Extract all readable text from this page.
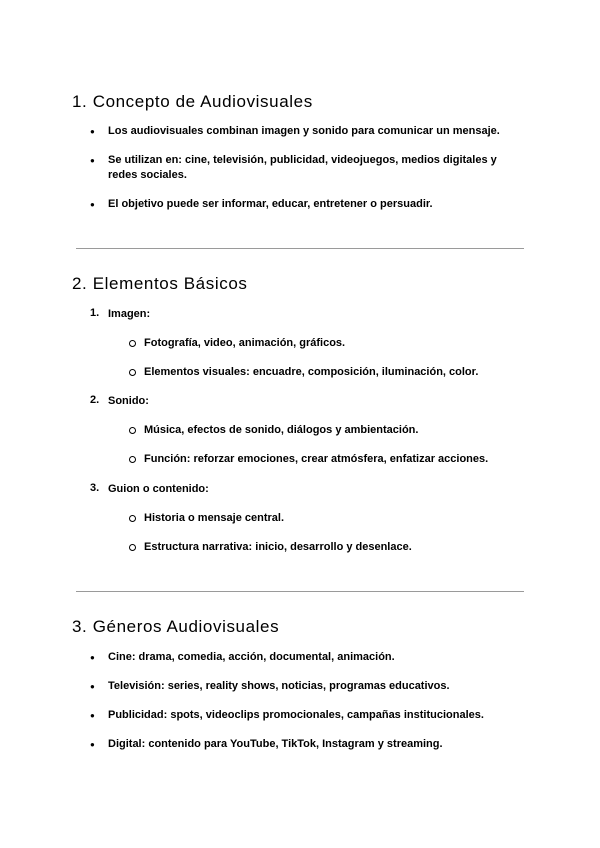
1. Concepto de Audiovisuales
● Los audiovisuales combinan imagen y sonido para comunicar un mensaje.
● Se utilizan en: cine, televisión, publicidad, videojuegos, medios digitales y redes sociales.
● El objetivo puede ser informar, educar, entretener o persuadir.
2. Elementos Básicos
1. Imagen:
Fotografía, video, animación, gráficos.
Elementos visuales: encuadre, composición, iluminación, color.
2. Sonido:
Música, efectos de sonido, diálogos y ambientación.
Función: reforzar emociones, crear atmósfera, enfatizar acciones.
3. Guion o contenido:
Historia o mensaje central.
Estructura narrativa: inicio, desarrollo y desenlace.
3. Géneros Audiovisuales
● Cine: drama, comedia, acción, documental, animación.
● Televisión: series, reality shows, noticias, programas educativos.
● Publicidad: spots, videoclips promocionales, campañas institucionales.
● Digital: contenido para YouTube, TikTok, Instagram y streaming.
